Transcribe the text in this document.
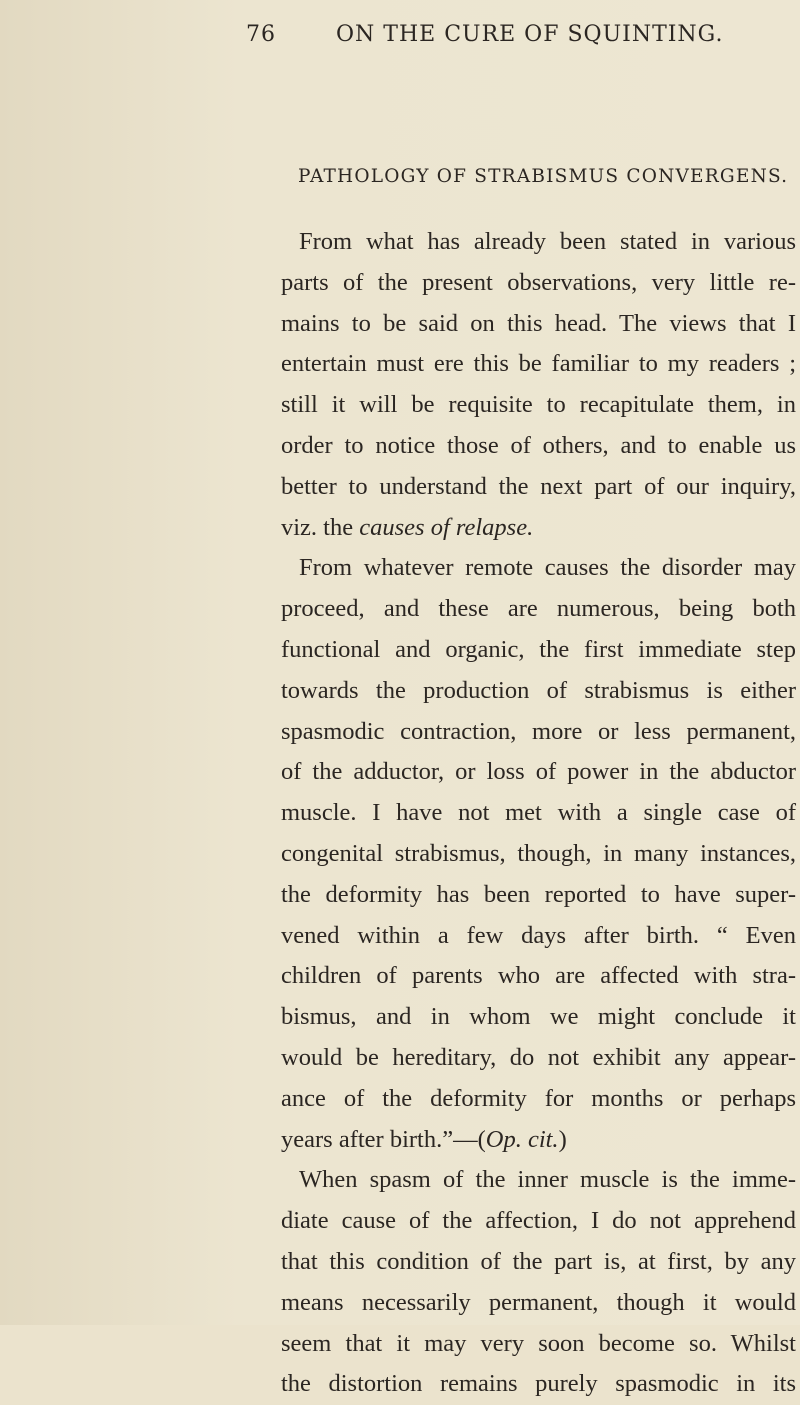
76	ON THE CURE OF SQUINTING.
PATHOLOGY OF STRABISMUS CONVERGENS.
From what has already been stated in various
parts of the present observations, very little re-
mains to be said on this head. The views that I
entertain must ere this be familiar to my readers ;
still it will be requisite to recapitulate them, in
order to notice those of others, and to enable us
better to understand the next part of our inquiry,
viz. the causes of relapse.
From whatever remote causes the disorder may
proceed, and these are numerous, being both
functional and organic, the first immediate step
towards the production of strabismus is either
spasmodic contraction, more or less permanent,
of the adductor, or loss of power in the abductor
muscle. I have not met with a single case of
congenital strabismus, though, in many instances,
the deformity has been reported to have super-
vened within a few days after birth. “ Even
children of parents who are affected with stra-
bismus, and in whom we might conclude it
would be hereditary, do not exhibit any appear-
ance of the deformity for months or perhaps
years after birth.”—(Op. cit.)
When spasm of the inner muscle is the imme-
diate cause of the affection, I do not apprehend
that this condition of the part is, at first, by any
means necessarily permanent, though it would
seem that it may very soon become so. Whilst
the distortion remains purely spasmodic in its
